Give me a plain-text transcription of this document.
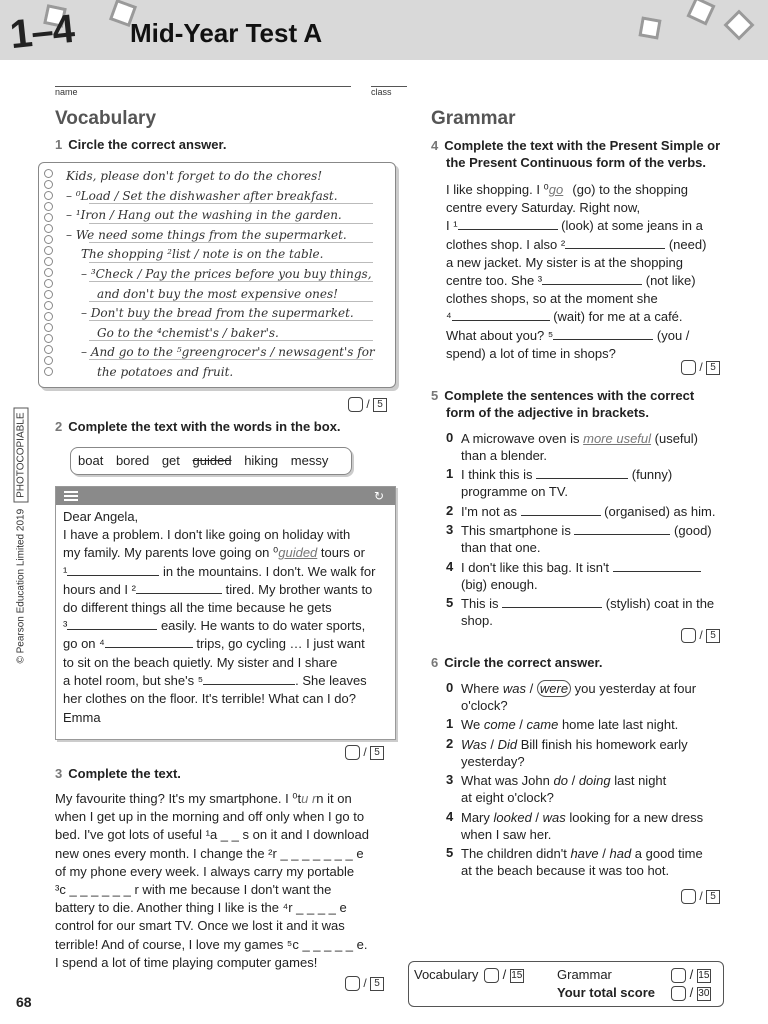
1–4 Mid-Year Test A
name	class
Vocabulary
1 Circle the correct answer.
Kids, please don't forget to do the chores!
– ⁰Load / Set the dishwasher after breakfast.
– ¹Iron / Hang out the washing in the garden.
– We need some things from the supermarket.
The shopping ²list / note is on the table.
– ³Check / Pay the prices before you buy things,
and don't buy the most expensive ones!
– Don't buy the bread from the supermarket.
Go to the ⁴chemist's / baker's.
– And go to the ⁵greengrocer's / newsagent's for
the potatoes and fruit.
/ 5
2 Complete the text with the words in the box.
boat bored get guided hiking messy
↻
Dear Angela,
I have a problem. I don't like going on holiday with
my family. My parents love going on ⁰guided tours or
¹	in the mountains. I don't. We walk for
hours and I ²	tired. My brother wants to
do different things all the time because he gets
³	easily. He wants to do water sports,
go on ⁴	trips, go cycling … I just want
to sit on the beach quietly. My sister and I share
a hotel room, but she's ⁵	. She leaves
her clothes on the floor. It's terrible! What can I do?
Emma
/ 5
3 Complete the text.
My favourite thing? It's my smartphone. I ⁰tu rn it on
when I get up in the morning and off only when I go to
bed. I've got lots of useful ¹a _ _ s on it and I download
new ones every month. I change the ²r _ _ _ _ _ _ _ e
of my phone every week. I always carry my portable
³c _ _ _ _ _ _ r with me because I don't want the
battery to die. Another thing I like is the ⁴r _ _ _ _ e
control for our smart TV. Once we lost it and it was
terrible! And of course, I love my games ⁵c _ _ _ _ _ e.
I spend a lot of time playing computer games!
/ 5
Grammar
4 Complete the text with the Present Simple or
the Present Continuous form of the verbs.
I like shopping. I ⁰go (go) to the shopping
centre every Saturday. Right now,
I ¹	(look) at some jeans in a
clothes shop. I also ²	(need)
a new jacket. My sister is at the shopping
centre too. She ³	(not like)
clothes shops, so at the moment she
⁴	(wait) for me at a café.
What about you? ⁵	(you /
spend) a lot of time in shops?
/ 5
5 Complete the sentences with the correct
form of the adjective in brackets.
0 A microwave oven is more useful (useful)
than a blender.
1 I think this is	(funny)
programme on TV.
2 I'm not as	(organised) as him.
3 This smartphone is	(good)
than that one.
4 I don't like this bag. It isn't
(big) enough.
5 This is	(stylish) coat in the
shop.
/ 5
6 Circle the correct answer.
0 Where was / were you yesterday at four
o'clock?
1 We come / came home late last night.
2 Was / Did Bill finish his homework early
yesterday?
3 What was John do / doing last night
at eight o'clock?
4 Mary looked / was looking for a new dress
when I saw her.
5 The children didn't have / had a good time
at the beach because it was too hot.
/ 5
Vocabulary  / 15	Grammar	/ 15
Your total score	/ 30
© Pearson Education Limited 2019PHOTOCOPIABLE
68
